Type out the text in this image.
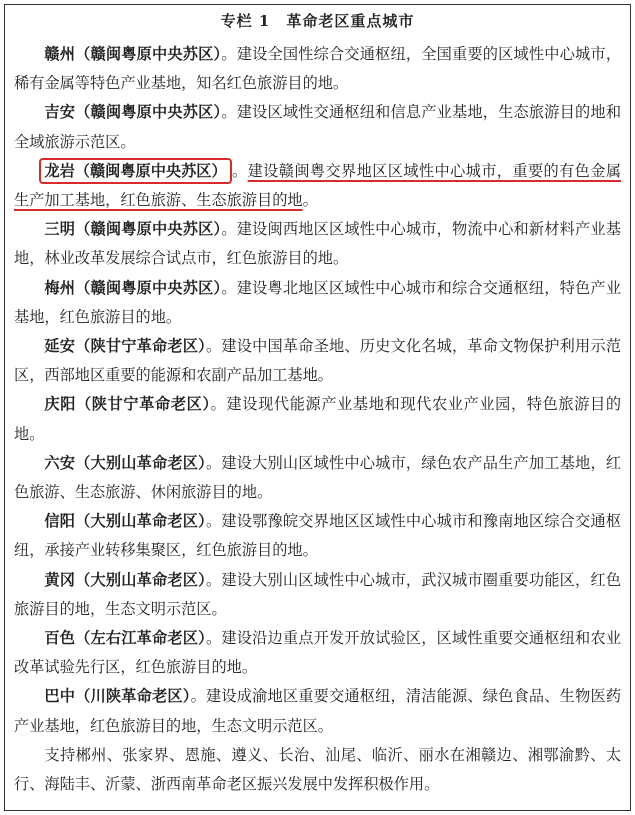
专栏 1　革命老区重点城市

赣州（赣闽粤原中央苏区）。建设全国性综合交通枢纽，全国重要的区域性中心城市，稀有金属等特色产业基地，知名红色旅游目的地。

吉安（赣闽粤原中央苏区）。建设区域性交通枢纽和信息产业基地，生态旅游目的地和全域旅游示范区。

龙岩（赣闽粤原中央苏区） 。建设赣闽粤交界地区区域性中心城市，重要的有色金属生产加工基地，红色旅游、生态旅游目的地。

三明（赣闽粤原中央苏区）。建设闽西地区区域性中心城市，物流中心和新材料产业基地，林业改革发展综合试点市，红色旅游目的地。

梅州（赣闽粤原中央苏区）。建设粤北地区区域性中心城市和综合交通枢纽，特色产业基地，红色旅游目的地。

延安（陕甘宁革命老区）。建设中国革命圣地、历史文化名城，革命文物保护利用示范区，西部地区重要的能源和农副产品加工基地。

庆阳（陕甘宁革命老区）。建设现代能源产业基地和现代农业产业园，特色旅游目的地。

六安（大别山革命老区）。建设大别山区域性中心城市，绿色农产品生产加工基地，红色旅游、生态旅游、休闲旅游目的地。

信阳（大别山革命老区）。建设鄂豫皖交界地区区域性中心城市和豫南地区综合交通枢纽，承接产业转移集聚区，红色旅游目的地。

黄冈（大别山革命老区）。建设大别山区域性中心城市，武汉城市圈重要功能区，红色旅游目的地，生态文明示范区。

百色（左右江革命老区）。建设沿边重点开发开放试验区，区域性重要交通枢纽和农业改革试验先行区，红色旅游目的地。

巴中（川陕革命老区）。建设成渝地区重要交通枢纽，清洁能源、绿色食品、生物医药产业基地，红色旅游目的地，生态文明示范区。

支持郴州、张家界、恩施、遵义、长治、汕尾、临沂、丽水在湘赣边、湘鄂渝黔、太行、海陆丰、沂蒙、浙西南革命老区振兴发展中发挥积极作用。
